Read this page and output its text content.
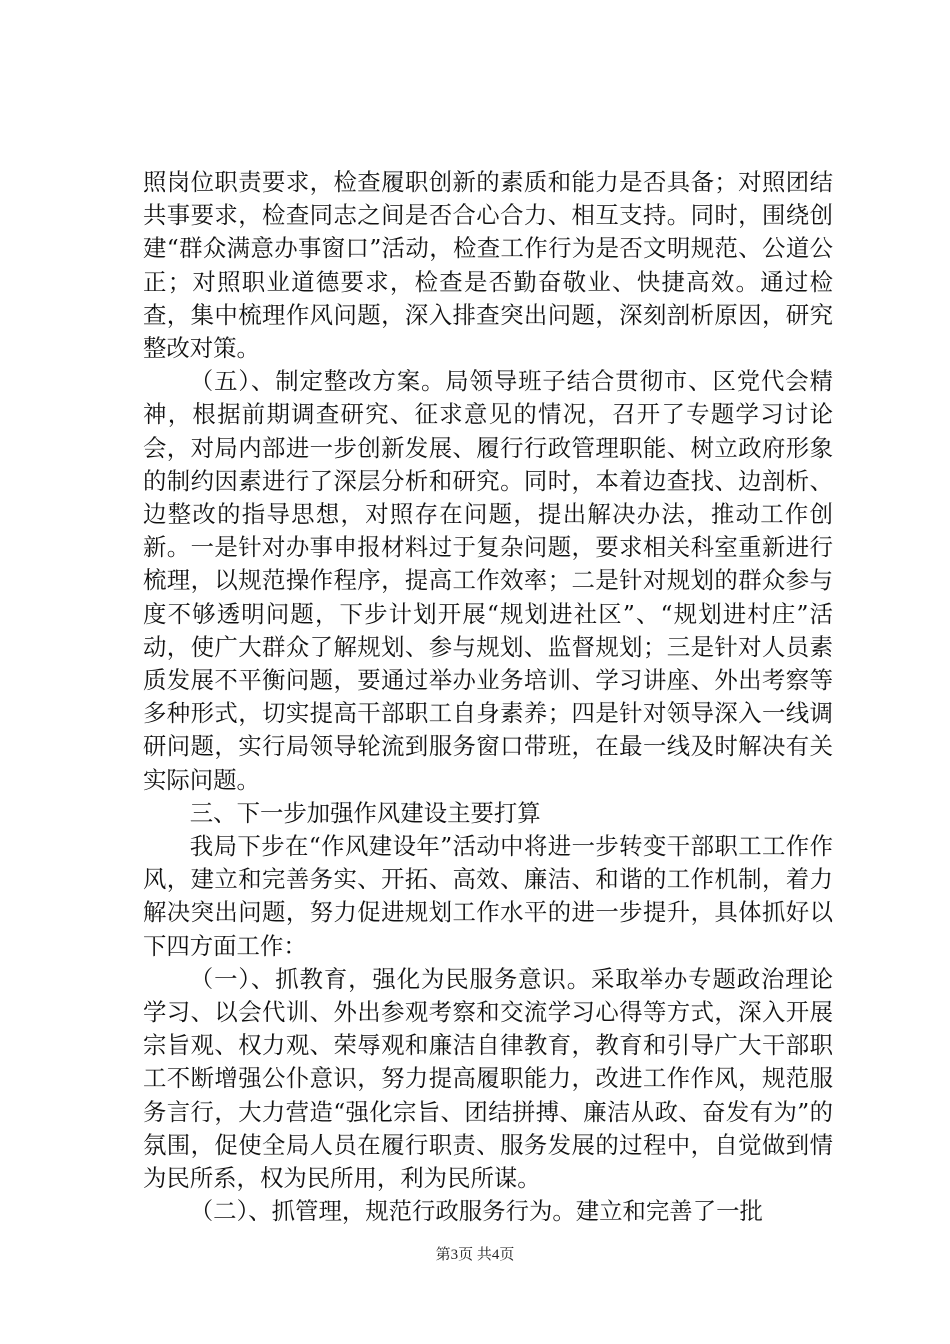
照岗位职责要求，检查履职创新的素质和能力是否具备；对照团结共事要求，检查同志之间是否合心合力、相互支持。同时，围绕创建“群众满意办事窗口”活动，检查工作行为是否文明规范、公道公正；对照职业道德要求，检查是否勤奋敬业、快捷高效。通过检查，集中梳理作风问题，深入排查突出问题，深刻剖析原因，研究整改对策。

（五）、制定整改方案。局领导班子结合贯彻市、区党代会精神，根据前期调查研究、征求意见的情况，召开了专题学习讨论会，对局内部进一步创新发展、履行行政管理职能、树立政府形象的制约因素进行了深层分析和研究。同时，本着边查找、边剖析、边整改的指导思想，对照存在问题，提出解决办法，推动工作创新。一是针对办事申报材料过于复杂问题，要求相关科室重新进行梳理，以规范操作程序，提高工作效率；二是针对规划的群众参与度不够透明问题，下步计划开展“规划进社区”、“规划进村庄”活动，使广大群众了解规划、参与规划、监督规划；三是针对人员素质发展不平衡问题，要通过举办业务培训、学习讲座、外出考察等多种形式，切实提高干部职工自身素养；四是针对领导深入一线调研问题，实行局领导轮流到服务窗口带班，在最一线及时解决有关实际问题。

三、下一步加强作风建设主要打算

我局下步在“作风建设年”活动中将进一步转变干部职工工作作风，建立和完善务实、开拓、高效、廉洁、和谐的工作机制，着力解决突出问题，努力促进规划工作水平的进一步提升，具体抓好以下四方面工作：

（一）、抓教育，强化为民服务意识。采取举办专题政治理论学习、以会代训、外出参观考察和交流学习心得等方式，深入开展宗旨观、权力观、荣辱观和廉洁自律教育，教育和引导广大干部职工不断增强公仆意识，努力提高履职能力，改进工作作风，规范服务言行，大力营造“强化宗旨、团结拼搏、廉洁从政、奋发有为”的氛围，促使全局人员在履行职责、服务发展的过程中，自觉做到情为民所系，权为民所用，利为民所谋。

（二）、抓管理，规范行政服务行为。建立和完善了一批

第3页 共4页
